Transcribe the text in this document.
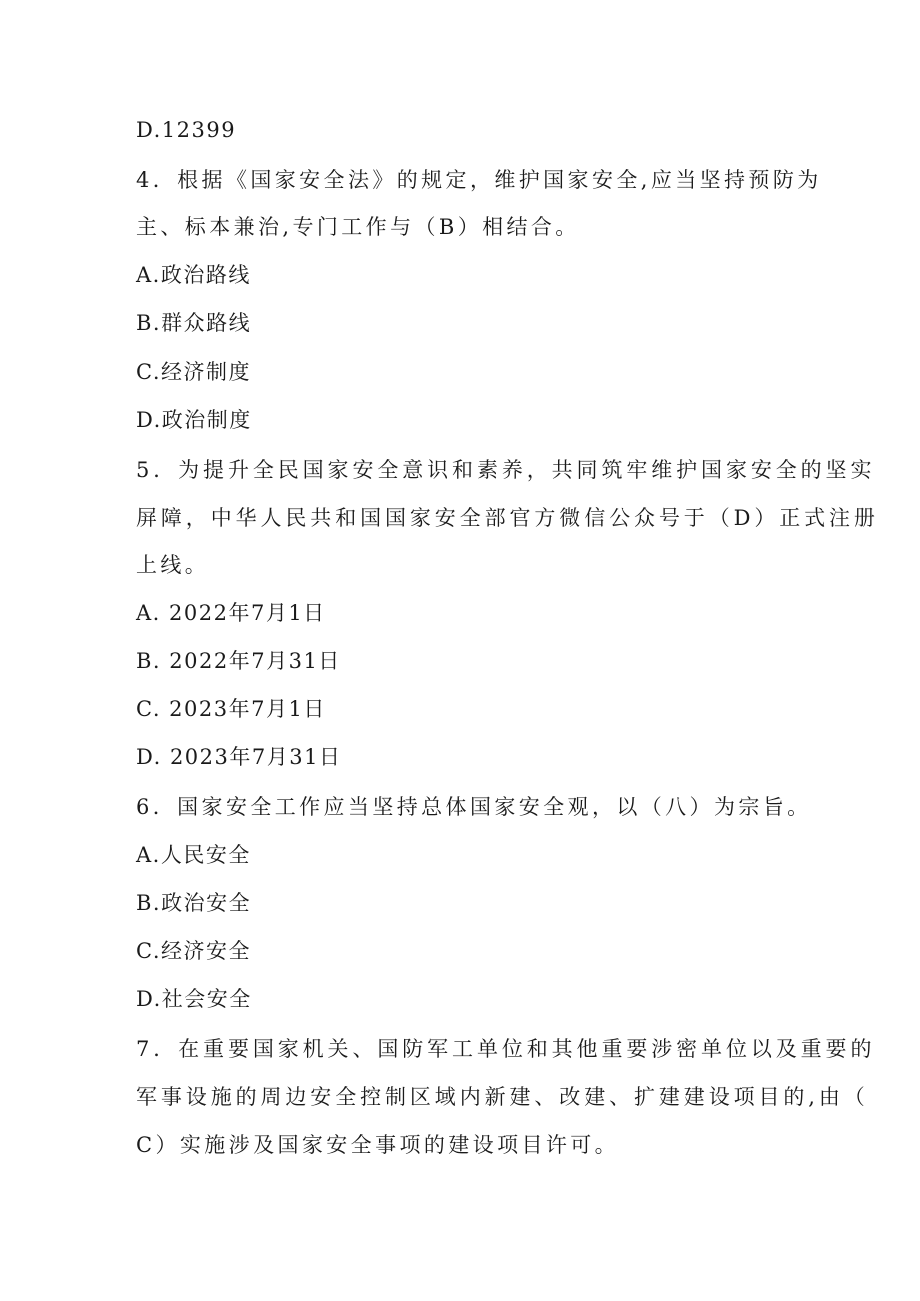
D.12399
4．根据《国家安全法》的规定，维护国家安全,应当坚持预防为
主、标本兼治,专门工作与（B）相结合。
A.政治路线
B.群众路线
C.经济制度
D.政治制度
5．为提升全民国家安全意识和素养，共同筑牢维护国家安全的坚实
屏障，中华人民共和国国家安全部官方微信公众号于（D）正式注册
上线。
A. 2022年7月1日
B. 2022年7月31日
C. 2023年7月1日
D. 2023年7月31日
6．国家安全工作应当坚持总体国家安全观，以（八）为宗旨。
A.人民安全
B.政治安全
C.经济安全
D.社会安全
7．在重要国家机关、国防军工单位和其他重要涉密单位以及重要的
军事设施的周边安全控制区域内新建、改建、扩建建设项目的,由（
C）实施涉及国家安全事项的建设项目许可。
